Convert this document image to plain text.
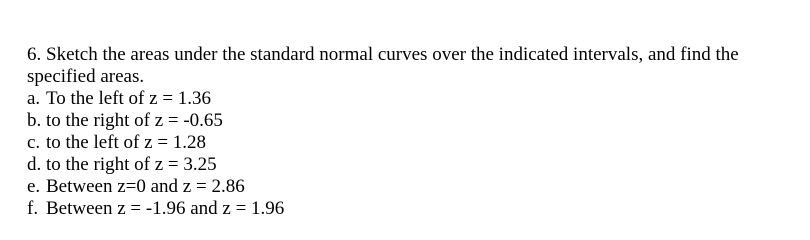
6. Sketch the areas under the standard normal curves over the indicated intervals, and find the specified areas.

a. To the left of z = 1.36
b. to the right of z = -0.65
c. to the left of z = 1.28
d. to the right of z = 3.25
e. Between z=0 and z = 2.86
f. Between z = -1.96 and z = 1.96
